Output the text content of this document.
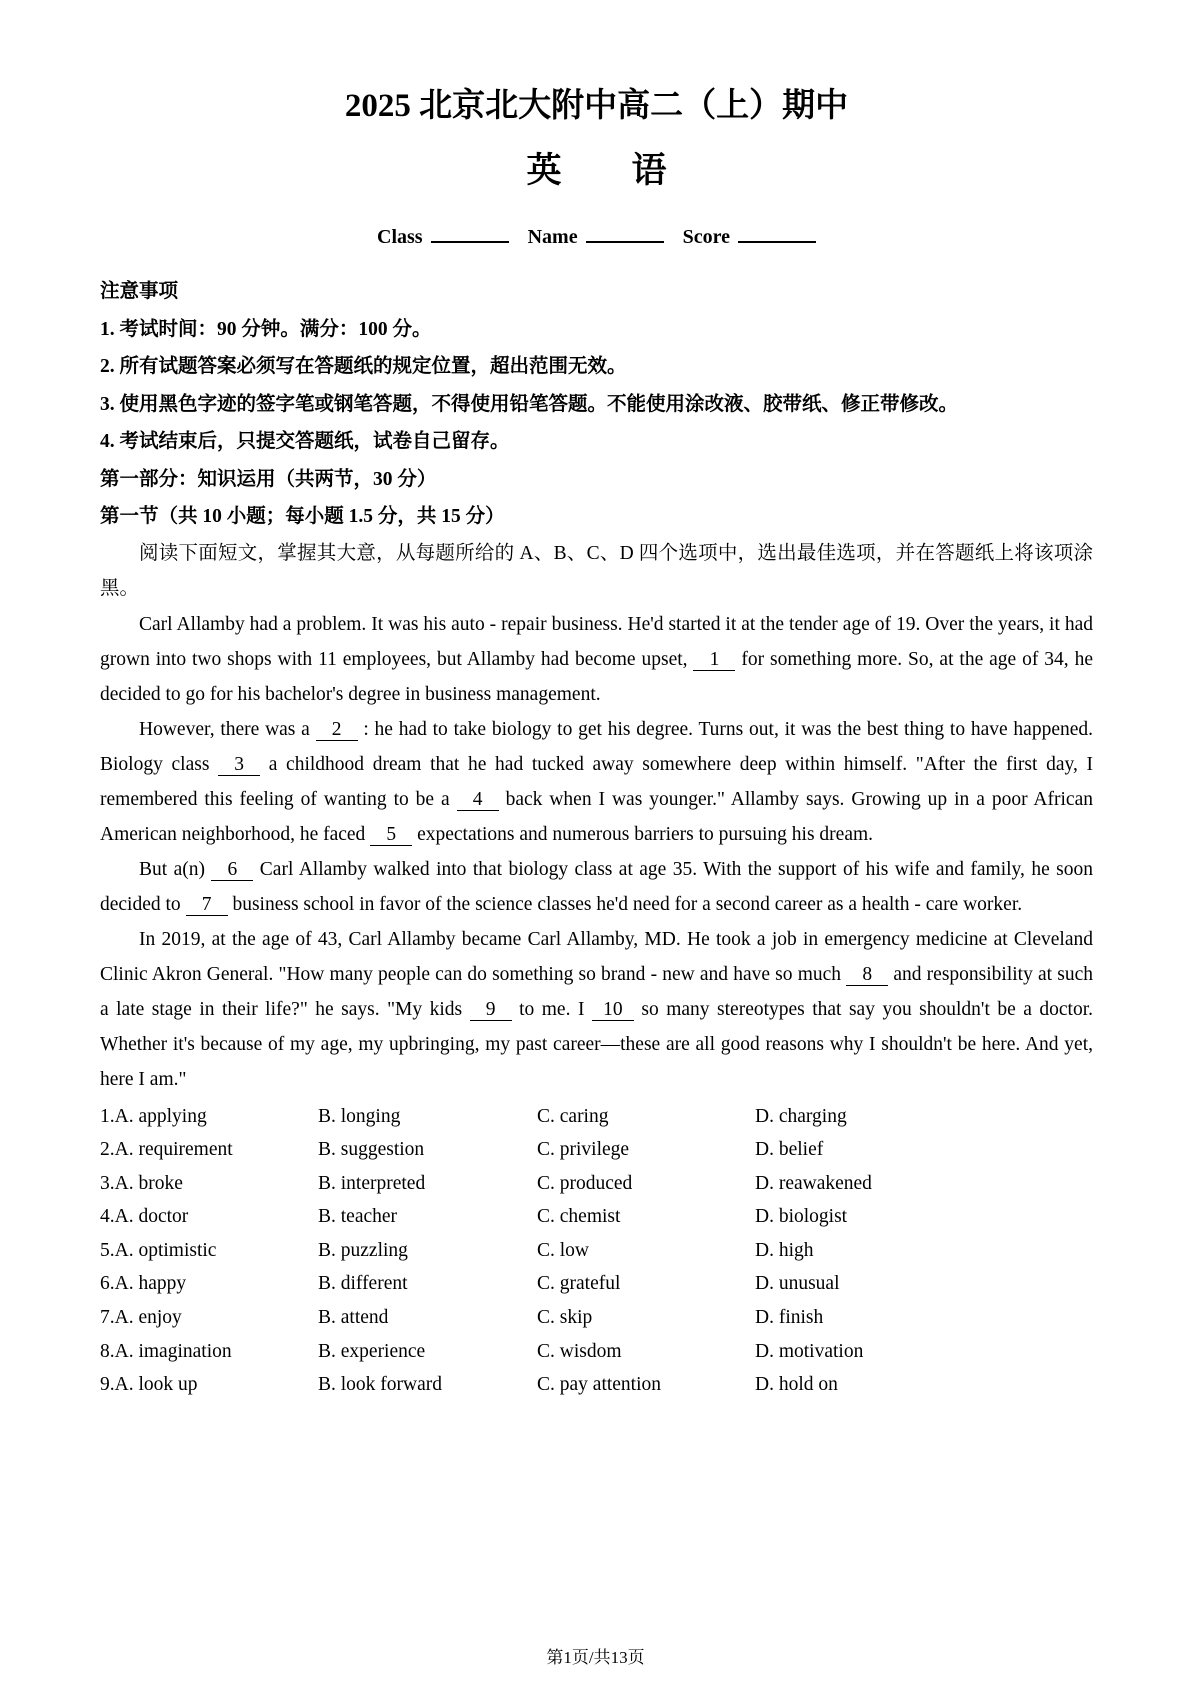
2025 北京北大附中高二（上）期中
英　　语
Class	Name	Score
注意事项
1. 考试时间：90 分钟。满分：100 分。
2. 所有试题答案必须写在答题纸的规定位置，超出范围无效。
3. 使用黑色字迹的签字笔或钢笔答题，不得使用铅笔答题。不能使用涂改液、胶带纸、修正带修改。
4. 考试结束后，只提交答题纸，试卷自己留存。
第一部分：知识运用（共两节，30 分）
第一节（共 10 小题；每小题 1.5 分，共 15 分）

阅读下面短文，掌握其大意，从每题所给的 A、B、C、D 四个选项中，选出最佳选项，并在答题纸上将该项涂黑。

Carl Allamby had a problem. It was his auto - repair business. He'd started it at the tender age of 19. Over the years, it had grown into two shops with 11 employees, but Allamby had become upset, 1 for something more. So, at the age of 34, he decided to go for his bachelor's degree in business management.

However, there was a 2 : he had to take biology to get his degree. Turns out, it was the best thing to have happened. Biology class 3 a childhood dream that he had tucked away somewhere deep within himself. "After the first day, I remembered this feeling of wanting to be a 4 back when I was younger." Allamby says. Growing up in a poor African American neighborhood, he faced 5 expectations and numerous barriers to pursuing his dream.

But a(n) 6 Carl Allamby walked into that biology class at age 35. With the support of his wife and family, he soon decided to 7 business school in favor of the science classes he'd need for a second career as a health - care worker.

In 2019, at the age of 43, Carl Allamby became Carl Allamby, MD. He took a job in emergency medicine at Cleveland Clinic Akron General. "How many people can do something so brand - new and have so much 8 and responsibility at such a late stage in their life?" he says. "My kids 9 to me. I 10 so many stereotypes that say you shouldn't be a doctor. Whether it's because of my age, my upbringing, my past career—these are all good reasons why I shouldn't be here. And yet, here I am."

1.A. applying	B. longing	C. caring	D. charging
2.A. requirement	B. suggestion	C. privilege	D. belief
3.A. broke	B. interpreted	C. produced	D. reawakened
4.A. doctor	B. teacher	C. chemist	D. biologist
5.A. optimistic	B. puzzling	C. low	D. high
6.A. happy	B. different	C. grateful	D. unusual
7.A. enjoy	B. attend	C. skip	D. finish
8.A. imagination	B. experience	C. wisdom	D. motivation
9.A. look up	B. look forward	C. pay attention	D. hold on
第1页/共13页
